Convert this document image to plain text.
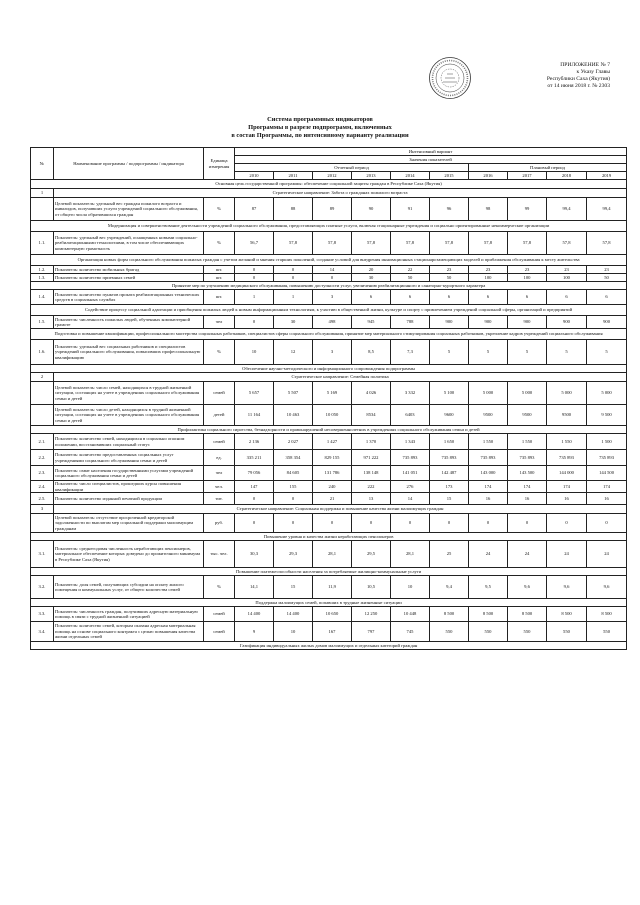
ПРИЛОЖЕНИЕ № 7
к Указу Главы
Республики Саха (Якутия)
от 14 июня 2018 г. № 2303
Система программных индикаторов
Программы в разрезе подпрограмм, включенных
в состав Программы, по интенсивному варианту реализации
№	Наименование программы / подпрограммы / индикатора	Единица измерения	Интенсивный вариант									
			Значения показателей									
			Отчетный период						Плановый период			
			2010	2011	2012	2013	2014	2015	2016	2017	2018	2019
Основная цель государственной программы: обеспечение социальной защиты граждан в Республике Саха (Якутия)												
1	Стратегическое направление: Забота о гражданах пожилого возраста											
	Целевой показатель: удельный вес граждан пожилого возраста и инвалидов, получивших услуги учреждений социального обслуживания, от общего числа обратившихся граждан	%	87	88	89	90	91	96	98	99	99,4	99,4
Модернизация и совершенствование деятельности учреждений социального обслуживания, предоставляющих платные услуги, включая стационарные учреждения и социально ориентированные некоммерческие организации												
1.1.	Показатель: удельный вес учреждений, оснащенных новыми социально-реабилитационными технологиями, в том числе обеспечивающих компьютерную грамотность	%	56,7	57,8	57,8	57,8	57,8	57,8	57,8	57,8	57,8	57,8
Организация новых форм социального обслуживания пожилых граждан с учетом желаний и мнения старших поколений, создание условий для внедрения инновационных стационарозамещающих моделей и приближения обслуживания к месту жительства												
1.2.	Показатель: количество мобильных бригад	шт.	0	0	14	20	22	23	23	23	23	23
1.3.	Показатель: количество приемных семей	шт.	0	0	0	30	50	50	100	100	100	50
Принятие мер по улучшению медицинского обслуживания, повышению доступности услуг, увеличению реабилитационного и санаторно-курортного характера												
1.4.	Показатель: количество пунктов проката реабилитационных технических средств в социальных службах	шт.	1	1	3	6	6	6	6	6	6	6
Содействие процессу социальной адаптации и приобщения пожилых людей к новым информационным технологиям, к участию в общественной жизни, культуре и спорту с привлечением учреждений социальной сферы, организаций и предприятий												
1.5.	Показатель: численность пожилых людей, обученных компьютерной грамоте	чел	0	30	498	945	788	900	900	900	900	900
Подготовка и повышение квалификации, профессионального мастерства социальных работников, специалистов сферы социального обслуживания, принятие мер материального стимулирования социальных работников, укрепление кадров учреждений социального обслуживания												
1.6.	Показатель: удельный вес социальных работников и специалистов учреждений социального обслуживания, повысивших профессиональную квалификацию	%	10	12	3	8,5	7,3	5	5	5	5	5
Обеспечение научно-методического и информационного сопровождения подпрограммы												
2	Стратегическое направление: Семейная политика											
	Целевой показатель: число семей, находящихся в трудной жизненной ситуации, состоящих на учете в учреждениях социального обслуживания семьи и детей	семей	5 657	5 507	5 169	4 026	3 332	5 100	5 000	5 000	5 000	5 000
	Целевой показатель: число детей, находящихся в трудной жизненной ситуации, состоящих на учете в учреждениях социального обслуживания семьи и детей	детей	11 164	10 463	10 050	8534	6403	9600	9500	9500	9500	9 500
Профилактика социального сиротства, безнадзорности и правонарушений несовершеннолетних в учреждениях социального обслуживания семьи и детей												
2.1.	Показатель: количество семей, находящихся в социально опасном положении, восстановивших социальный статус	семей	2 136	2 027	1 427	1 370	1 343	1 650	1 550	1 550	1 550	1 500
2.2.	Показатель: количество предоставленных социальных услуг учреждениями социального обслуживания семьи и детей	ед.	335 211	358 354	829 155	971 222	735 893	735 893	735 893	735 893	735 893	735 893
2.3.	Показатель: охват населения государственными услугами учреждений социального обслуживания семьи и детей	чел	79 056	84 605	131 786	138 148	141 051	142 487	143 000	143 500	144 000	144 500
2.4.	Показатель: число специалистов, прошедших курсы повышения квалификации	чел.	147	155	240	222	276	173	174	174	174	174
2.5.	Показатель: количество изданной печатной продукции	тит.	0	0	21	13	14	15	16	16	16	16
3	Стратегическое направление: Социальная поддержка и повышение качества жизни малоимущих граждан											
	Целевой показатель: отсутствие просроченной кредиторской задолженности по выплатам мер социальной поддержки малоимущим гражданам	руб.	0	0	0	0	0	0	0	0	0	0
Повышение уровня и качества жизни неработающих пенсионеров												
3.1.	Показатель: среднегодовая численность неработающих пенсионеров, материальное обеспечение которых доведено до прожиточного минимума в Республике Саха (Якутия)	тыс. чел.	30,3	29,3	28,1	29,5	28,1	25	24	24	24	24
Повышение платежеспособности населения за потребляемые жилищно-коммунальные услуги												
3.2.	Показатель: доля семей, получающих субсидии на оплату жилого помещения и коммунальных услуг, от общего количества семей	%	14,1	15	11,9	10,5	10	9,4	9,5	9,6	9,6	9,6
Поддержка малоимущих семей, попавших в трудные жизненные ситуации												
3.3.	Показатель: численность граждан, получивших адресную материальную помощь в связи с трудной жизненной ситуацией	семей	14 400	14 400	10 650	12 250	10 448	8 500	8 500	8 500	8 500	8 500
3.4.	Показатель: количество семей, которым оказана адресная материальная помощь на основе социального контракта с целью повышения качества жизни отдельных семей	семей	9	10	167	797	745	550	550	550	550	550
Газификация индивидуальных жилых домов малоимущих и отдельных категорий граждан												
